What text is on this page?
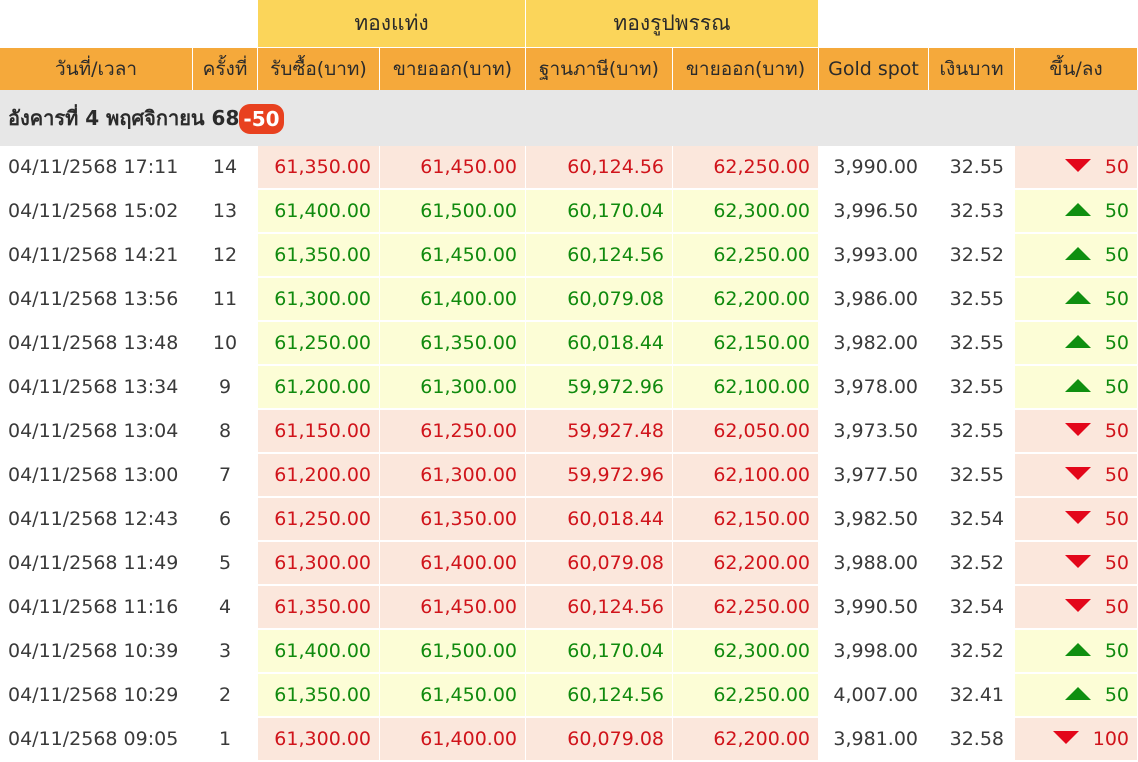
		ทองแท่ง		ทองรูปพรรณ				
วันที่/เวลา	ครั้งที่	รับซื้อ(บาท)	ขายออก(บาท)	ฐานภาษี(บาท)	ขายออก(บาท)	Gold spot	เงินบาท	ขึ้น/ลง
อังคารที่ 4 พฤศจิกายน 68 -50								
04/11/2568 17:11	14	61,350.00	61,450.00	60,124.56	62,250.00	3,990.00	32.55	50
04/11/2568 15:02	13	61,400.00	61,500.00	60,170.04	62,300.00	3,996.50	32.53	50
04/11/2568 14:21	12	61,350.00	61,450.00	60,124.56	62,250.00	3,993.00	32.52	50
04/11/2568 13:56	11	61,300.00	61,400.00	60,079.08	62,200.00	3,986.00	32.55	50
04/11/2568 13:48	10	61,250.00	61,350.00	60,018.44	62,150.00	3,982.00	32.55	50
04/11/2568 13:34	9	61,200.00	61,300.00	59,972.96	62,100.00	3,978.00	32.55	50
04/11/2568 13:04	8	61,150.00	61,250.00	59,927.48	62,050.00	3,973.50	32.55	50
04/11/2568 13:00	7	61,200.00	61,300.00	59,972.96	62,100.00	3,977.50	32.55	50
04/11/2568 12:43	6	61,250.00	61,350.00	60,018.44	62,150.00	3,982.50	32.54	50
04/11/2568 11:49	5	61,300.00	61,400.00	60,079.08	62,200.00	3,988.00	32.52	50
04/11/2568 11:16	4	61,350.00	61,450.00	60,124.56	62,250.00	3,990.50	32.54	50
04/11/2568 10:39	3	61,400.00	61,500.00	60,170.04	62,300.00	3,998.00	32.52	50
04/11/2568 10:29	2	61,350.00	61,450.00	60,124.56	62,250.00	4,007.00	32.41	50
04/11/2568 09:05	1	61,300.00	61,400.00	60,079.08	62,200.00	3,981.00	32.58	100
